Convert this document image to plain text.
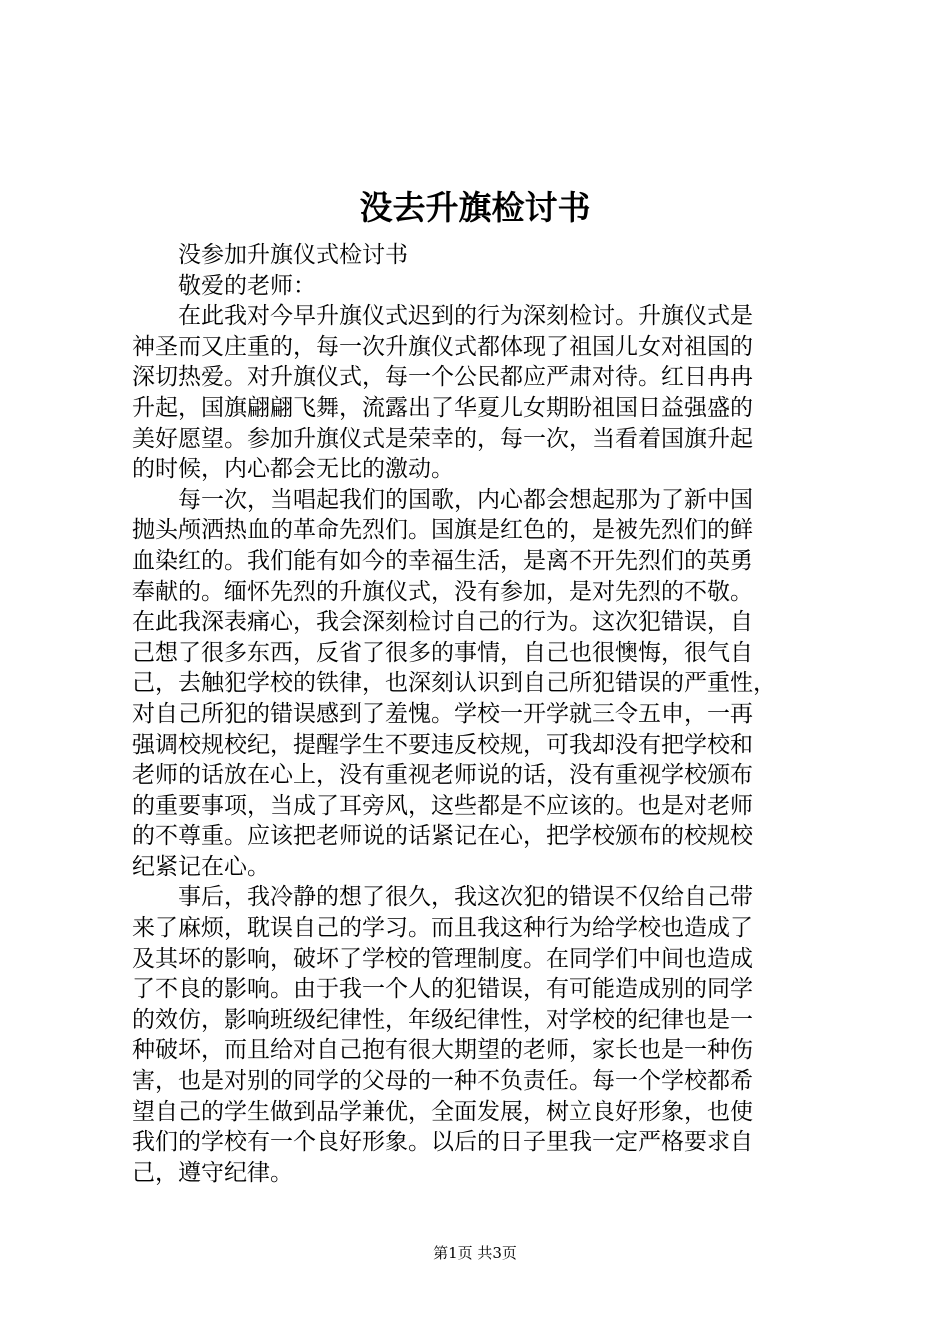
没去升旗检讨书
没参加升旗仪式检讨书
敬爱的老师：
在此我对今早升旗仪式迟到的行为深刻检讨。升旗仪式是
神圣而又庄重的，每一次升旗仪式都体现了祖国儿女对祖国的
深切热爱。对升旗仪式，每一个公民都应严肃对待。红日冉冉
升起，国旗翩翩飞舞，流露出了华夏儿女期盼祖国日益强盛的
美好愿望。参加升旗仪式是荣幸的，每一次，当看着国旗升起
的时候，内心都会无比的激动。
每一次，当唱起我们的国歌，内心都会想起那为了新中国
抛头颅洒热血的革命先烈们。国旗是红色的，是被先烈们的鲜
血染红的。我们能有如今的幸福生活，是离不开先烈们的英勇
奉献的。缅怀先烈的升旗仪式，没有参加，是对先烈的不敬。
在此我深表痛心，我会深刻检讨自己的行为。这次犯错误，自
己想了很多东西，反省了很多的事情，自己也很懊悔，很气自
己，去触犯学校的铁律，也深刻认识到自己所犯错误的严重性，
对自己所犯的错误感到了羞愧。学校一开学就三令五申，一再
强调校规校纪，提醒学生不要违反校规，可我却没有把学校和
老师的话放在心上，没有重视老师说的话，没有重视学校颁布
的重要事项，当成了耳旁风，这些都是不应该的。也是对老师
的不尊重。应该把老师说的话紧记在心，把学校颁布的校规校
纪紧记在心。
事后，我冷静的想了很久，我这次犯的错误不仅给自己带
来了麻烦，耽误自己的学习。而且我这种行为给学校也造成了
及其坏的影响，破坏了学校的管理制度。在同学们中间也造成
了不良的影响。由于我一个人的犯错误，有可能造成别的同学
的效仿，影响班级纪律性，年级纪律性，对学校的纪律也是一
种破坏，而且给对自己抱有很大期望的老师，家长也是一种伤
害，也是对别的同学的父母的一种不负责任。每一个学校都希
望自己的学生做到品学兼优，全面发展，树立良好形象，也使
我们的学校有一个良好形象。以后的日子里我一定严格要求自
己，遵守纪律。
第1页 共3页
